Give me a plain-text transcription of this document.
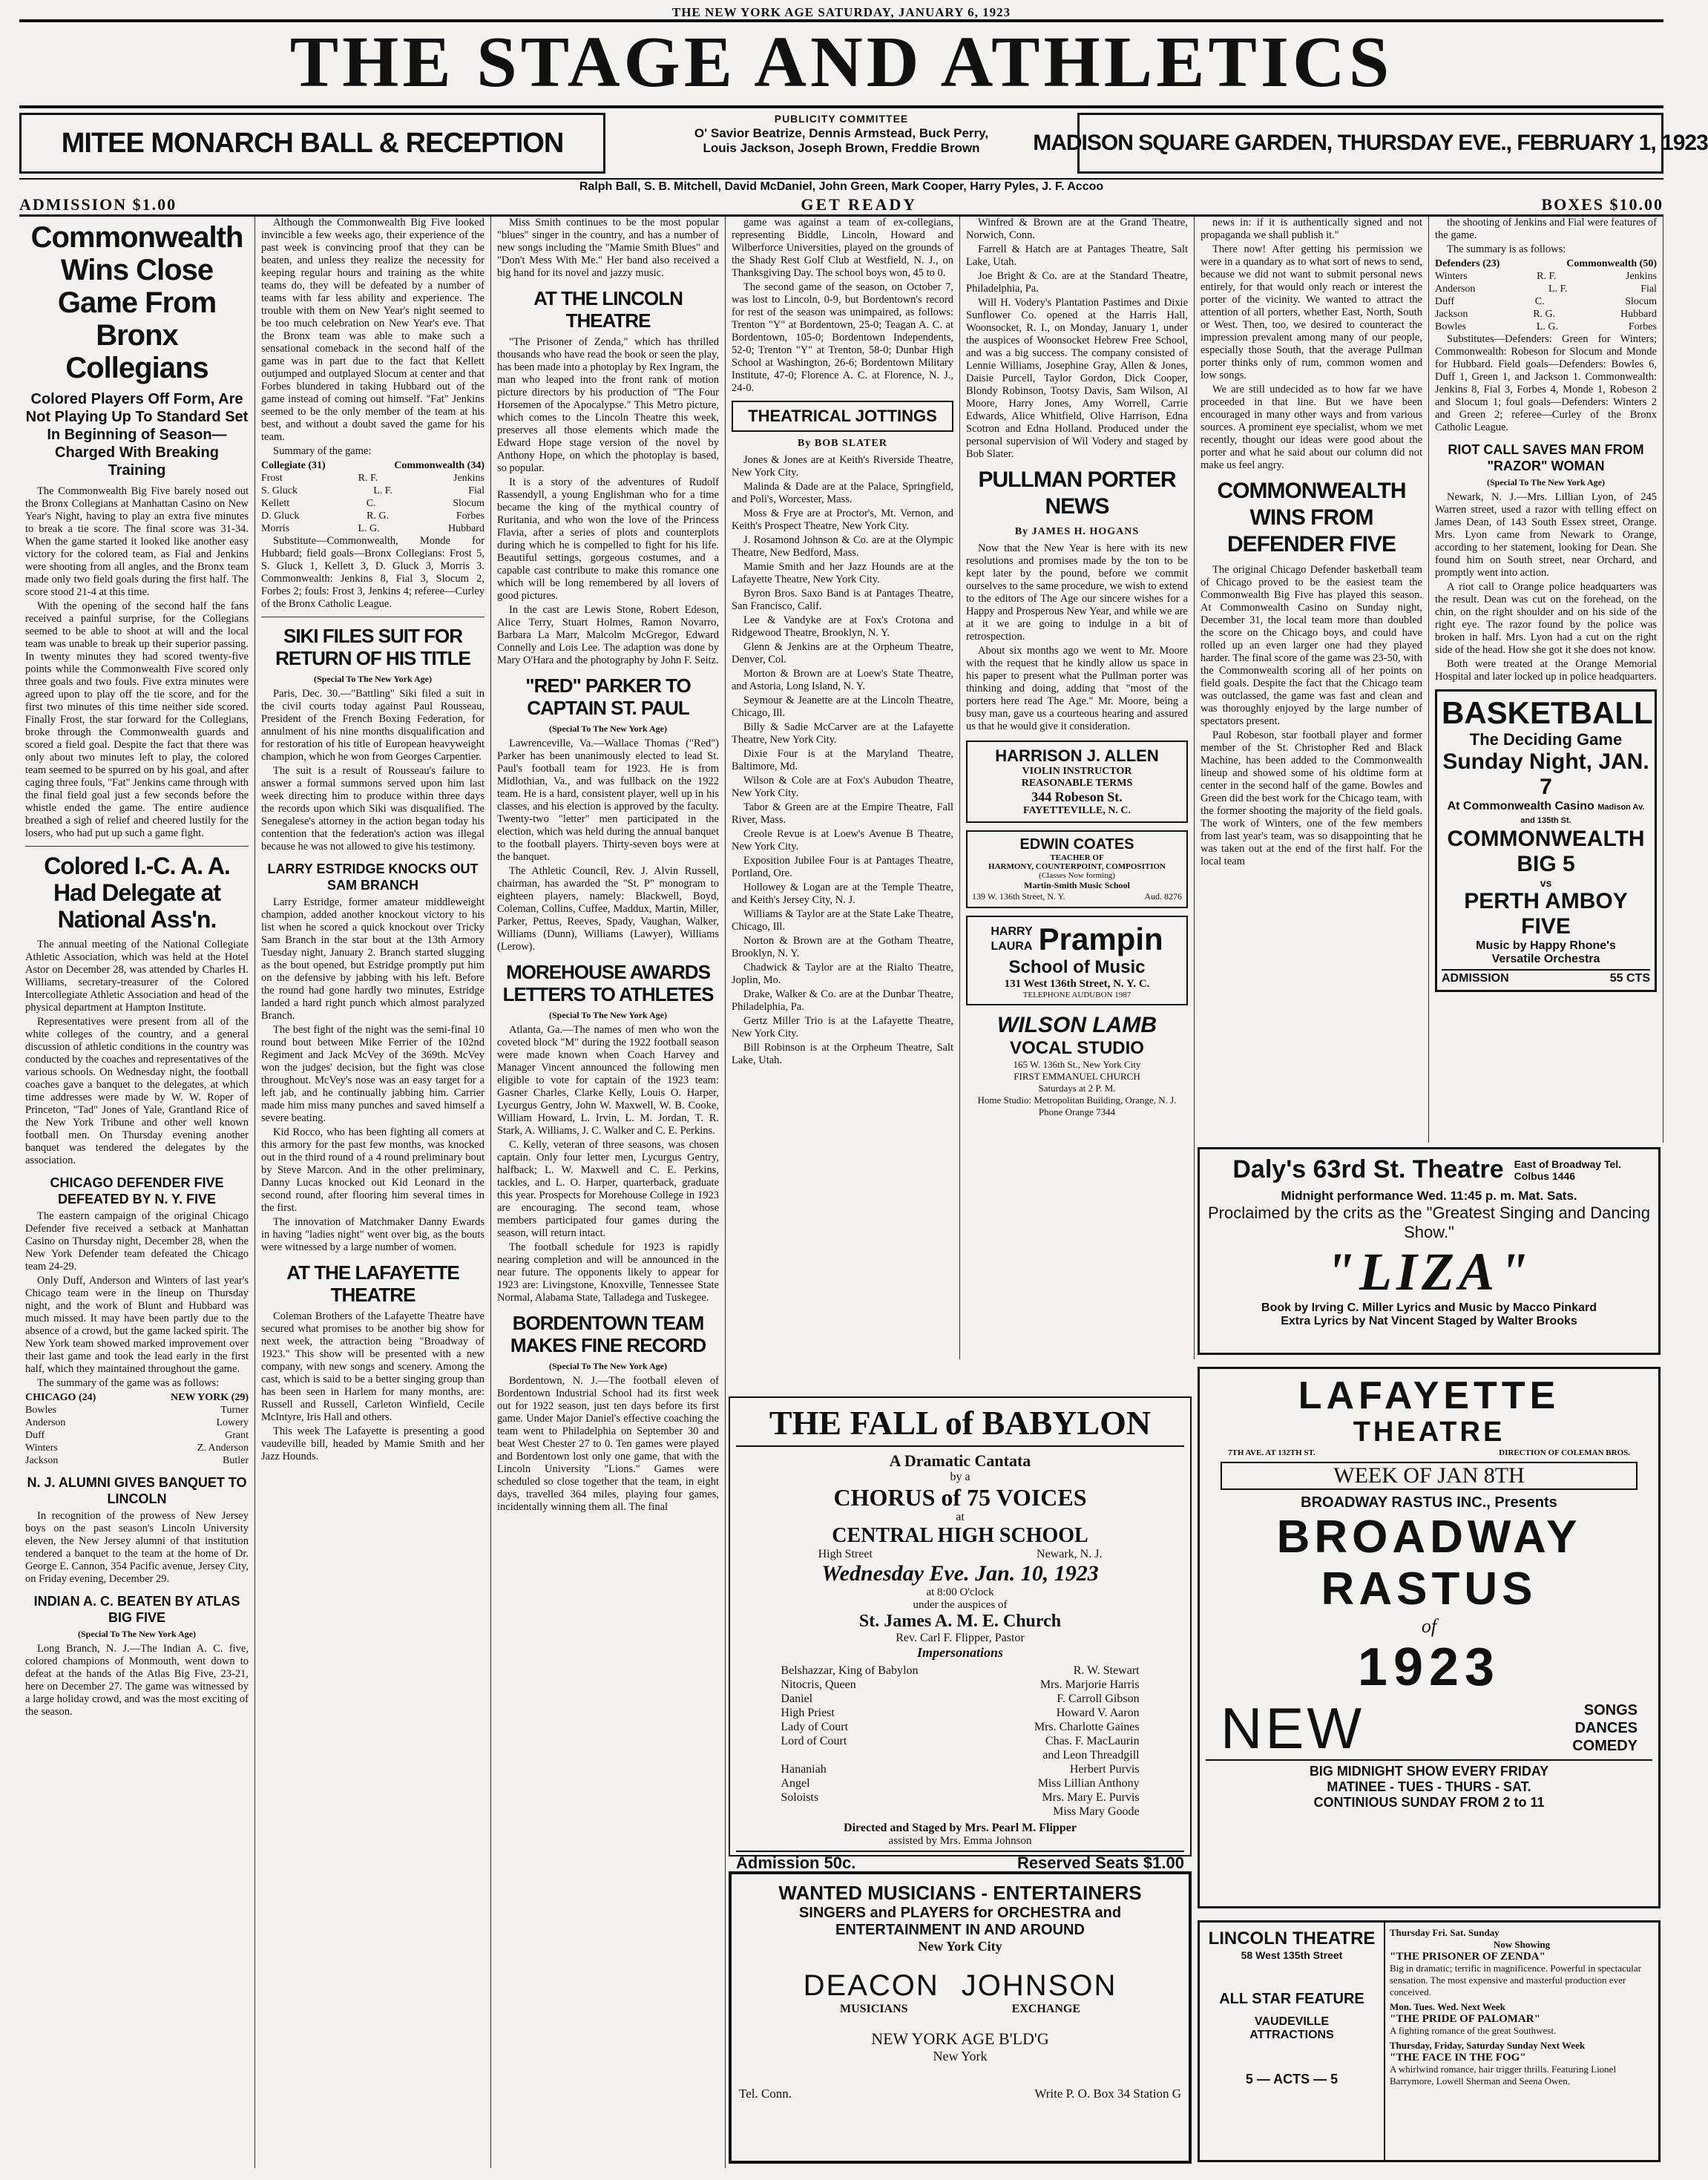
THE NEW YORK AGE SATURDAY, JANUARY 6, 1923
THE STAGE AND ATHLETICS
MITEE MONARCH BALL & RECEPTION
PUBLICITY COMMITTEE
O' Savior Beatrize, Dennis Armstead, Buck Perry,
Louis Jackson, Joseph Brown, Freddie Brown	MADISON SQUARE GARDEN, THURSDAY EVE., FEBRUARY 1, 1923
Ralph Ball, S. B. Mitchell, David McDaniel, John Green, Mark Cooper, Harry Pyles, J. F. Accoo
ADMISSION $1.00	GET READY	BOXES $10.00
Commonwealth Wins Close Game From Bronx Collegians
Colored Players Off Form, Are Not Playing Up To Standard Set In Beginning of Season—Charged With Breaking Training

The Commonwealth Big Five barely nosed out the Bronx Collegians at Manhattan Casino on New Year's Night, having to play an extra five minutes to break a tie score. The final score was 31-34. When the game started it looked like another easy victory for the colored team, as Fial and Jenkins were shooting from all angles, and the Bronx team made only two field goals during the first half. The score stood 21-4 at this time.

With the opening of the second half the fans received a painful surprise, for the Collegians seemed to be able to shoot at will and the local team was unable to break up their superior passing. In twenty minutes they had scored twenty-five points while the Commonwealth Five scored only three goals and two fouls. Five extra minutes were agreed upon to play off the tie score, and for the first two minutes of this time neither side scored. Finally Frost, the star forward for the Collegians, broke through the Commonwealth guards and scored a field goal. Despite the fact that there was only about two minutes left to play, the colored team seemed to be spurred on by his goal, and after caging three fouls, "Fat" Jenkins came through with the final field goal just a few seconds before the whistle ended the game. The entire audience breathed a sigh of relief and cheered lustily for the losers, who had put up such a game fight.

Colored I.-C. A. A. Had Delegate at National Ass'n.

The annual meeting of the National Collegiate Athletic Association, which was held at the Hotel Astor on December 28, was attended by Charles H. Williams, secretary-treasurer of the Colored Intercollegiate Athletic Association and head of the physical department at Hampton Institute.

Representatives were present from all of the white colleges of the country, and a general discussion of athletic conditions in the country was conducted by the coaches and representatives of the various schools. On Wednesday night, the football coaches gave a banquet to the delegates, at which time addresses were made by W. W. Roper of Princeton, "Tad" Jones of Yale, Grantland Rice of the New York Tribune and other well known football men. On Thursday evening another banquet was tendered the delegates by the association.

CHICAGO DEFENDER FIVE DEFEATED BY N. Y. FIVE

The eastern campaign of the original Chicago Defender five received a setback at Manhattan Casino on Thursday night, December 28, when the New York Defender team defeated the Chicago team 24-29.

Only Duff, Anderson and Winters of last year's Chicago team were in the lineup on Thursday night, and the work of Blunt and Hubbard was much missed. It may have been partly due to the absence of a crowd, but the game lacked spirit. The New York team showed marked improvement over their last game and took the lead early in the first half, which they maintained throughout the game.

The summary of the game was as follows:

CHICAGO (24)	NEW YORK (29)
Bowles	Turner
Anderson	Lowery
Duff	Grant
Winters	Z. Anderson
Jackson	Butler
N. J. ALUMNI GIVES BANQUET TO LINCOLN

In recognition of the prowess of New Jersey boys on the past season's Lincoln University eleven, the New Jersey alumni of that institution tendered a banquet to the team at the home of Dr. George E. Cannon, 354 Pacific avenue, Jersey City, on Friday evening, December 29.

INDIAN A. C. BEATEN BY ATLAS BIG FIVE
(Special To The New York Age)

Long Branch, N. J.—The Indian A. C. five, colored champions of Monmouth, went down to defeat at the hands of the Atlas Big Five, 23-21, here on December 27. The game was witnessed by a large holiday crowd, and was the most exciting of the season.

Although the Commonwealth Big Five looked invincible a few weeks ago, their experience of the past week is convincing proof that they can be beaten, and unless they realize the necessity for keeping regular hours and training as the white teams do, they will be defeated by a number of teams with far less ability and experience. The trouble with them on New Year's night seemed to be too much celebration on New Year's eve. That the Bronx team was able to make such a sensational comeback in the second half of the game was in part due to the fact that Kellett outjumped and outplayed Slocum at center and that Forbes blundered in taking Hubbard out of the game instead of coming out himself. "Fat" Jenkins seemed to be the only member of the team at his best, and without a doubt saved the game for his team.

Summary of the game:

Collegiate (31)	Commonwealth (34)
Frost	R. F.	Jenkins
S. Gluck	L. F.	Fial
Kellett	C.	Slocum
D. Gluck	R. G.	Forbes
Morris	L. G.	Hubbard

Substitute—Commonwealth, Monde for Hubbard; field goals—Bronx Collegians: Frost 5, S. Gluck 1, Kellett 3, D. Gluck 3, Morris 3. Commonwealth: Jenkins 8, Fial 3, Slocum 2, Forbes 2; fouls: Frost 3, Jenkins 4; referee—Curley of the Bronx Catholic League.

SIKI FILES SUIT FOR RETURN OF HIS TITLE
(Special To The New York Age)

Paris, Dec. 30.—"Battling" Siki filed a suit in the civil courts today against Paul Rousseau, President of the French Boxing Federation, for annulment of his nine months disqualification and for restoration of his title of European heavyweight champion, which he won from Georges Carpentier.

The suit is a result of Rousseau's failure to answer a formal summons served upon him last week directing him to produce within three days the records upon which Siki was disqualified. The Senegalese's attorney in the action began today his contention that the federation's action was illegal because he was not allowed to give his testimony.

LARRY ESTRIDGE KNOCKS OUT SAM BRANCH

Larry Estridge, former amateur middleweight champion, added another knockout victory to his list when he scored a quick knockout over Tricky Sam Branch in the star bout at the 13th Armory Tuesday night, January 2. Branch started slugging as the bout opened, but Estridge promptly put him on the defensive by jabbing with his left. Before the round had gone hardly two minutes, Estridge landed a hard right punch which almost paralyzed Branch.

The best fight of the night was the semi-final 10 round bout between Mike Ferrier of the 102nd Regiment and Jack McVey of the 369th. McVey won the judges' decision, but the fight was close throughout. McVey's nose was an easy target for a left jab, and he continually jabbing him. Carrier made him miss many punches and saved himself a severe beating.

Kid Rocco, who has been fighting all comers at this armory for the past few months, was knocked out in the third round of a 4 round preliminary bout by Steve Marcon. And in the other preliminary, Danny Lucas knocked out Kid Leonard in the second round, after flooring him several times in the first.

The innovation of Matchmaker Danny Ewards in having "ladies night" went over big, as the bouts were witnessed by a large number of women.

AT THE LAFAYETTE THEATRE

Coleman Brothers of the Lafayette Theatre have secured what promises to be another big show for next week, the attraction being "Broadway of 1923." This show will be presented with a new company, with new songs and scenery. Among the cast, which is said to be a better singing group than has been seen in Harlem for many months, are: Russell and Russell, Carleton Winfield, Cecile McIntyre, Iris Hall and others.

This week The Lafayette is presenting a good vaudeville bill, headed by Mamie Smith and her Jazz Hounds.

Miss Smith continues to be the most popular "blues" singer in the country, and has a number of new songs including the "Mamie Smith Blues" and "Don't Mess With Me." Her band also received a big hand for its novel and jazzy music.

AT THE LINCOLN THEATRE

"The Prisoner of Zenda," which has thrilled thousands who have read the book or seen the play, has been made into a photoplay by Rex Ingram, the man who leaped into the front rank of motion picture directors by his production of "The Four Horsemen of the Apocalypse." This Metro picture, which comes to the Lincoln Theatre this week, preserves all those elements which made the Edward Hope stage version of the novel by Anthony Hope, on which the photoplay is based, so popular.

It is a story of the adventures of Rudolf Rassendyll, a young Englishman who for a time became the king of the mythical country of Ruritania, and who won the love of the Princess Flavia, after a series of plots and counterplots during which he is compelled to fight for his life. Beautiful settings, gorgeous costumes, and a capable cast contribute to make this romance one which will be long remembered by all lovers of good pictures.

In the cast are Lewis Stone, Robert Edeson, Alice Terry, Stuart Holmes, Ramon Novarro, Barbara La Marr, Malcolm McGregor, Edward Connelly and Lois Lee. The adaption was done by Mary O'Hara and the photography by John F. Seitz.

"RED" PARKER TO CAPTAIN ST. PAUL
(Special To The New York Age)

Lawrenceville, Va.—Wallace Thomas ("Red") Parker has been unanimously elected to lead St. Paul's football team for 1923. He is from Midlothian, Va., and was fullback on the 1922 team. He is a hard, consistent player, well up in his classes, and his election is approved by the faculty. Twenty-two "letter" men participated in the election, which was held during the annual banquet to the football players. Thirty-seven boys were at the banquet.

The Athletic Council, Rev. J. Alvin Russell, chairman, has awarded the "St. P" monogram to eighteen players, namely: Blackwell, Boyd, Coleman, Collins, Cuffee, Maddux, Martin, Miller, Parker, Pettus, Reeves, Spady, Vaughan, Walker, Williams (Dunn), Williams (Lawyer), Williams (Lerow).

MOREHOUSE AWARDS LETTERS TO ATHLETES
(Special To The New York Age)

Atlanta, Ga.—The names of men who won the coveted block "M" during the 1922 football season were made known when Coach Harvey and Manager Vincent announced the following men eligible to vote for captain of the 1923 team: Gasner Charles, Clarke Kelly, Louis O. Harper, Lycurgus Gentry, John W. Maxwell, W. B. Cooke, William Howard, L. Irvin, L. M. Jordan, T. R. Stark, A. Williams, J. C. Walker and C. E. Perkins.

C. Kelly, veteran of three seasons, was chosen captain. Only four letter men, Lycurgus Gentry, halfback; L. W. Maxwell and C. E. Perkins, tackles, and L. O. Harper, quarterback, graduate this year. Prospects for Morehouse College in 1923 are encouraging. The second team, whose members participated four games during the season, will return intact.

The football schedule for 1923 is rapidly nearing completion and will be announced in the near future. The opponents likely to appear for 1923 are: Livingstone, Knoxville, Tennessee State Normal, Alabama State, Talladega and Tuskegee.

BORDENTOWN TEAM MAKES FINE RECORD
(Special To The New York Age)

Bordentown, N. J.—The football eleven of Bordentown Industrial School had its first week out for 1922 season, just ten days before its first game. Under Major Daniel's effective coaching the team went to Philadelphia on September 30 and beat West Chester 27 to 0. Ten games were played and Bordentown lost only one game, that with the Lincoln University "Lions." Games were scheduled so close together that the team, in eight days, travelled 364 miles, playing four games, incidentally winning them all. The final

game was against a team of ex-collegians, representing Biddle, Lincoln, Howard and Wilberforce Universities, played on the grounds of the Shady Rest Golf Club at Westfield, N. J., on Thanksgiving Day. The school boys won, 45 to 0.

The second game of the season, on October 7, was lost to Lincoln, 0-9, but Bordentown's record for rest of the season was unimpaired, as follows: Trenton "Y" at Bordentown, 25-0; Teagan A. C. at Bordentown, 105-0; Bordentown Independents, 52-0; Trenton "Y" at Trenton, 58-0; Dunbar High School at Washington, 26-6; Bordentown Military Institute, 47-0; Florence A. C. at Florence, N. J., 24-0.

THEATRICAL JOTTINGS
By BOB SLATER

Jones & Jones are at Keith's Riverside Theatre, New York City.

Malinda & Dade are at the Palace, Springfield, and Poli's, Worcester, Mass.

Moss & Frye are at Proctor's, Mt. Vernon, and Keith's Prospect Theatre, New York City.

J. Rosamond Johnson & Co. are at the Olympic Theatre, New Bedford, Mass.

Mamie Smith and her Jazz Hounds are at the Lafayette Theatre, New York City.

Byron Bros. Saxo Band is at Pantages Theatre, San Francisco, Calif.

Lee & Vandyke are at Fox's Crotona and Ridgewood Theatre, Brooklyn, N. Y.

Glenn & Jenkins are at the Orpheum Theatre, Denver, Col.

Morton & Brown are at Loew's State Theatre, and Astoria, Long Island, N. Y.

Seymour & Jeanette are at the Lincoln Theatre, Chicago, Ill.

Billy & Sadie McCarver are at the Lafayette Theatre, New York City.

Dixie Four is at the Maryland Theatre, Baltimore, Md.

Wilson & Cole are at Fox's Aubudon Theatre, New York City.

Tabor & Green are at the Empire Theatre, Fall River, Mass.

Creole Revue is at Loew's Avenue B Theatre, New York City.

Exposition Jubilee Four is at Pantages Theatre, Portland, Ore.

Hollowey & Logan are at the Temple Theatre, and Keith's Jersey City, N. J.

Williams & Taylor are at the State Lake Theatre, Chicago, Ill.

Norton & Brown are at the Gotham Theatre, Brooklyn, N. Y.

Chadwick & Taylor are at the Rialto Theatre, Joplin, Mo.

Drake, Walker & Co. are at the Dunbar Theatre, Philadelphia, Pa.

Gertz Miller Trio is at the Lafayette Theatre, New York City.

Bill Robinson is at the Orpheum Theatre, Salt Lake, Utah.

Winfred & Brown are at the Grand Theatre, Norwich, Conn.

Farrell & Hatch are at Pantages Theatre, Salt Lake, Utah.

Joe Bright & Co. are at the Standard Theatre, Philadelphia, Pa.

Will H. Vodery's Plantation Pastimes and Dixie Sunflower Co. opened at the Harris Hall, Woonsocket, R. I., on Monday, January 1, under the auspices of Woonsocket Hebrew Free School, and was a big success. The company consisted of Lennie Williams, Josephine Gray, Allen & Jones, Daisie Purcell, Taylor Gordon, Dick Cooper, Blondy Robinson, Tootsy Davis, Sam Wilson, Al Moore, Harry Jones, Amy Worrell, Carrie Edwards, Alice Whitfield, Olive Harrison, Edna Scotron and Edna Holland. Produced under the personal supervision of Wil Vodery and staged by Bob Slater.

PULLMAN PORTER NEWS
By JAMES H. HOGANS

Now that the New Year is here with its new resolutions and promises made by the ton to be kept later by the pound, before we commit ourselves to the same procedure, we wish to extend to the editors of The Age our sincere wishes for a Happy and Prosperous New Year, and while we are at it we are going to indulge in a bit of retrospection.

About six months ago we went to Mr. Moore with the request that he kindly allow us space in his paper to present what the Pullman porter was thinking and doing, adding that "most of the porters here read The Age." Mr. Moore, being a busy man, gave us a courteous hearing and assured us that he would give it consideration.

HARRISON J. ALLEN
VIOLIN INSTRUCTOR
REASONABLE TERMS
344 Robeson St.
FAYETTEVILLE, N. C.
EDWIN COATES
TEACHER OF
HARMONY, COUNTERPOINT, COMPOSITION
(Classes Now forming)
Martin-Smith Music School
139 W. 136th Street, N. Y.	Aud. 8276
HARRY
LAURA Prampin
School of Music
131 West 136th Street, N. Y. C.
TELEPHONE AUDUBON 1987
WILSON LAMB
VOCAL STUDIO
165 W. 136th St., New York City
FIRST EMMANUEL CHURCH
Saturdays at 2 P. M.
Home Studio: Metropolitan Building, Orange, N. J.
Phone Orange 7344
THE FALL of BABYLON
A Dramatic Cantata
by a
CHORUS of 75 VOICES
at
CENTRAL HIGH SCHOOL
High Street	Newark, N. J.
Wednesday Eve. Jan. 10, 1923
at 8:00 O'clock
under the auspices of
St. James A. M. E. Church
Rev. Carl F. Flipper, Pastor
Impersonations
Belshazzar, King of Babylon	R. W. Stewart
Nitocris, Queen	Mrs. Marjorie Harris
Daniel	F. Carroll Gibson
High Priest	Howard V. Aaron
Lady of Court	Mrs. Charlotte Gaines
Lord of Court	Chas. F. MacLaurin
and Leon Threadgill
Hananiah	Herbert Purvis
Angel	Miss Lillian Anthony
Soloists	Mrs. Mary E. Purvis
Miss Mary Goode
Directed and Staged by Mrs. Pearl M. Flipper
assisted by Mrs. Emma Johnson
Admission 50c.	Reserved Seats $1.00
WANTED MUSICIANS - ENTERTAINERS
SINGERS and PLAYERS for ORCHESTRA and
ENTERTAINMENT IN AND AROUND
New York City
DEACON JOHNSON
MUSICIANS	EXCHANGE
NEW YORK AGE B'LD'G
New York
Tel. Conn.	Write P. O. Box 34 Station G

news in: if it is authentically signed and not propaganda we shall publish it."

There now! After getting his permission we were in a quandary as to what sort of news to send, because we did not want to submit personal news entirely, for that would only reach or interest the porter of the vicinity. We wanted to attract the attention of all porters, whether East, North, South or West. Then, too, we desired to counteract the impression prevalent among many of our people, especially those South, that the average Pullman porter thinks only of rum, common women and low songs.

We are still undecided as to how far we have proceeded in that line. But we have been encouraged in many other ways and from various sources. A prominent eye specialist, whom we met recently, thought our ideas were good about the porter and what he said about our column did not make us feel angry.

COMMONWEALTH WINS FROM DEFENDER FIVE

The original Chicago Defender basketball team of Chicago proved to be the easiest team the Commonwealth Big Five has played this season. At Commonwealth Casino on Sunday night, December 31, the local team more than doubled the score on the Chicago boys, and could have rolled up an even larger one had they played harder. The final score of the game was 23-50, with the Commonwealth scoring all of her points on field goals. Despite the fact that the Chicago team was outclassed, the game was fast and clean and was thoroughly enjoyed by the large number of spectators present.

Paul Robeson, star football player and former member of the St. Christopher Red and Black Machine, has been added to the Commonwealth lineup and showed some of his oldtime form at center in the second half of the game. Bowles and Green did the best work for the Chicago team, with the former shooting the majority of the field goals. The work of Winters, one of the few members from last year's team, was so disappointing that he was taken out at the end of the first half. For the local team

the shooting of Jenkins and Fial were features of the game.

The summary is as follows:

Defenders (23)	Commonwealth (50)
Winters	R. F.	Jenkins
Anderson	L. F.	Fial
Duff	C.	Slocum
Jackson	R. G.	Hubbard
Bowles	L. G.	Forbes

Substitutes—Defenders: Green for Winters; Commonwealth: Robeson for Slocum and Monde for Hubbard. Field goals—Defenders: Bowles 6, Duff 1, Green 1, and Jackson 1. Commonwealth: Jenkins 8, Fial 3, Forbes 4, Monde 1, Robeson 2 and Slocum 1; foul goals—Defenders: Winters 2 and Green 2; referee—Curley of the Bronx Catholic League.

RIOT CALL SAVES MAN FROM "RAZOR" WOMAN
(Special To The New York Age)

Newark, N. J.—Mrs. Lillian Lyon, of 245 Warren street, used a razor with telling effect on James Dean, of 143 South Essex street, Orange. Mrs. Lyon came from Newark to Orange, according to her statement, looking for Dean. She found him on South street, near Orchard, and promptly went into action.

A riot call to Orange police headquarters was the result. Dean was cut on the forehead, on the chin, on the right shoulder and on his side of the right eye. The razor found by the police was broken in half. Mrs. Lyon had a cut on the right side of the head. How she got it she does not know.

Both were treated at the Orange Memorial Hospital and later locked up in police headquarters.

BASKETBALL
The Deciding Game
Sunday Night, JAN. 7
At Commonwealth Casino Madison Av. and 135th St.
COMMONWEALTH BIG 5
vs
PERTH AMBOY FIVE
Music by Happy Rhone's
Versatile Orchestra
ADMISSION	55 CTS
Daly's 63rd St. Theatre East of Broadway Tel. Colbus 1446
Midnight performance Wed. 11:45 p. m. Mat. Sats.
Proclaimed by the crits as the "Greatest Singing and Dancing Show."
"LIZA"
Book by Irving C. Miller Lyrics and Music by Macco Pinkard
Extra Lyrics by Nat Vincent Staged by Walter Brooks
LAFAYETTE
THEATRE
7TH AVE. AT 132TH ST.	DIRECTION OF COLEMAN BROS.
WEEK OF JAN 8TH
BROADWAY RASTUS INC., Presents
BROADWAY
RASTUS
of
1923
NEW	SONGS
DANCES
COMEDY
BIG MIDNIGHT SHOW EVERY FRIDAY
MATINEE - TUES - THURS - SAT.
CONTINIOUS SUNDAY FROM 2 to 11
LINCOLN THEATRE
58 West 135th Street
ALL STAR FEATURE
VAUDEVILLE
ATTRACTIONS
5 — ACTS — 5
Thursday Fri. Sat. Sunday
Now Showing
"THE PRISONER OF ZENDA"
Big in dramatic; terrific in magnificence. Powerful in spectacular sensation. The most expensive and masterful production ever conceived.
Mon. Tues. Wed. Next Week
"THE PRIDE OF PALOMAR"
A fighting romance of the great Southwest.
Thursday, Friday, Saturday Sunday Next Week
"THE FACE IN THE FOG"
A whirlwind romance, hair trigger thrills. Featuring Lionel Barrymore, Lowell Sherman and Seena Owen.
